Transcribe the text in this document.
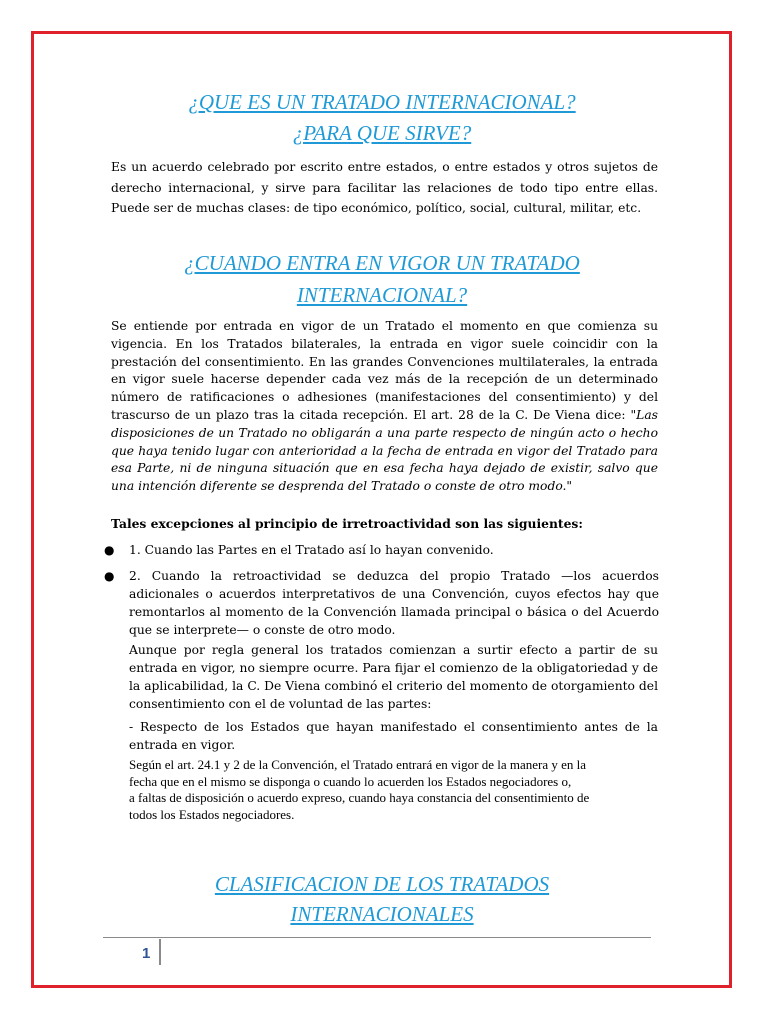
¿QUE ES UN TRATADO INTERNACIONAL?

¿PARA QUE SIRVE?

Es un acuerdo celebrado por escrito entre estados, o entre estados y otros sujetos de derecho internacional, y sirve para facilitar las relaciones de todo tipo entre ellas. Puede ser de muchas clases: de tipo económico, político, social, cultural, militar, etc.

¿CUANDO ENTRA EN VIGOR UN TRATADO

INTERNACIONAL?

Se entiende por entrada en vigor de un Tratado el momento en que comienza su vigencia. En los Tratados bilaterales, la entrada en vigor suele coincidir con la prestación del consentimiento. En las grandes Convenciones multilaterales, la entrada en vigor suele hacerse depender cada vez más de la recepción de un determinado número de ratificaciones o adhesiones (manifestaciones del consentimiento) y del trascurso de un plazo tras la citada recepción. El art. 28 de la C. De Viena dice: "Las disposiciones de un Tratado no obligarán a una parte respecto de ningún acto o hecho que haya tenido lugar con anterioridad a la fecha de entrada en vigor del Tratado para esa Parte, ni de ninguna situación que en esa fecha haya dejado de existir, salvo que una intención diferente se desprenda del Tratado o conste de otro modo."

Tales excepciones al principio de irretroactividad son las siguientes:

● 1. Cuando las Partes en el Tratado así lo hayan convenido.

● 2. Cuando la retroactividad se deduzca del propio Tratado —los acuerdos adicionales o acuerdos interpretativos de una Convención, cuyos efectos hay que remontarlos al momento de la Convención llamada principal o básica o del Acuerdo que se interprete— o conste de otro modo.

Aunque por regla general los tratados comienzan a surtir efecto a partir de su entrada en vigor, no siempre ocurre. Para fijar el comienzo de la obligatoriedad y de la aplicabilidad, la C. De Viena combinó el criterio del momento de otorgamiento del consentimiento con el de voluntad de las partes:

- Respecto de los Estados que hayan manifestado el consentimiento antes de la entrada en vigor.

Según el art. 24.1 y 2 de la Convención, el Tratado entrará en vigor de la manera y en la
fecha que en el mismo se disponga o cuando lo acuerden los Estados negociadores o,
a faltas de disposición o acuerdo expreso, cuando haya constancia del consentimiento de
todos los Estados negociadores.

CLASIFICACION DE LOS TRATADOS

INTERNACIONALES

1
